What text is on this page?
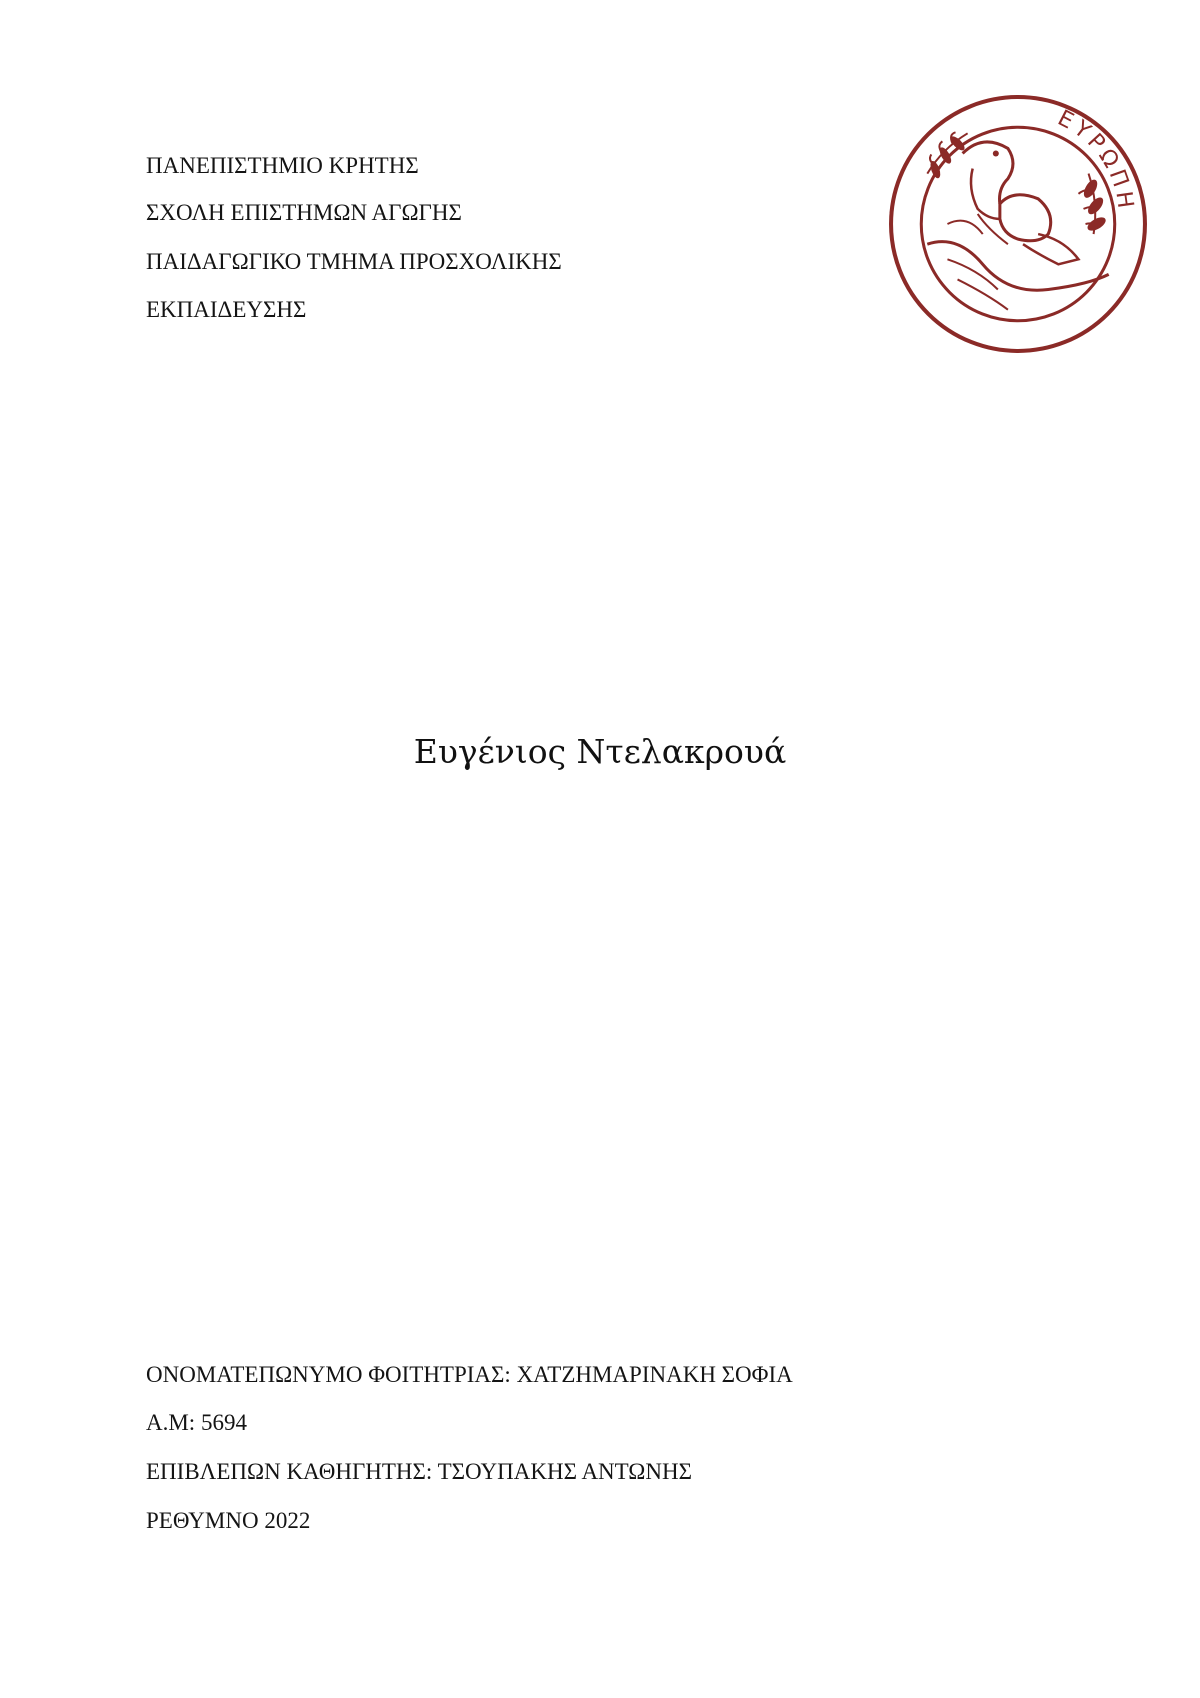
ΠΑΝΕΠΙΣΤΗΜΙΟ ΚΡΗΤΗΣ
ΣΧΟΛΗ ΕΠΙΣΤΗΜΩΝ ΑΓΩΓΗΣ
ΠΑΙΔΑΓΩΓΙΚΟ ΤΜΗΜΑ ΠΡΟΣΧΟΛΙΚΗΣ
ΕΚΠΑΙΔΕΥΣΗΣ
ΕΥΡΩΠΗ
Ευγένιος Ντελακρουά
ΟΝΟΜΑΤΕΠΩΝΥΜΟ ΦΟΙΤΗΤΡΙΑΣ: ΧΑΤΖΗΜΑΡΙΝΑΚΗ ΣΟΦΙΑ
Α.Μ: 5694
ΕΠΙΒΛΕΠΩΝ ΚΑΘΗΓΗΤΗΣ: ΤΣΟΥΠΑΚΗΣ ΑΝΤΩΝΗΣ
ΡΕΘΥΜΝΟ 2022
